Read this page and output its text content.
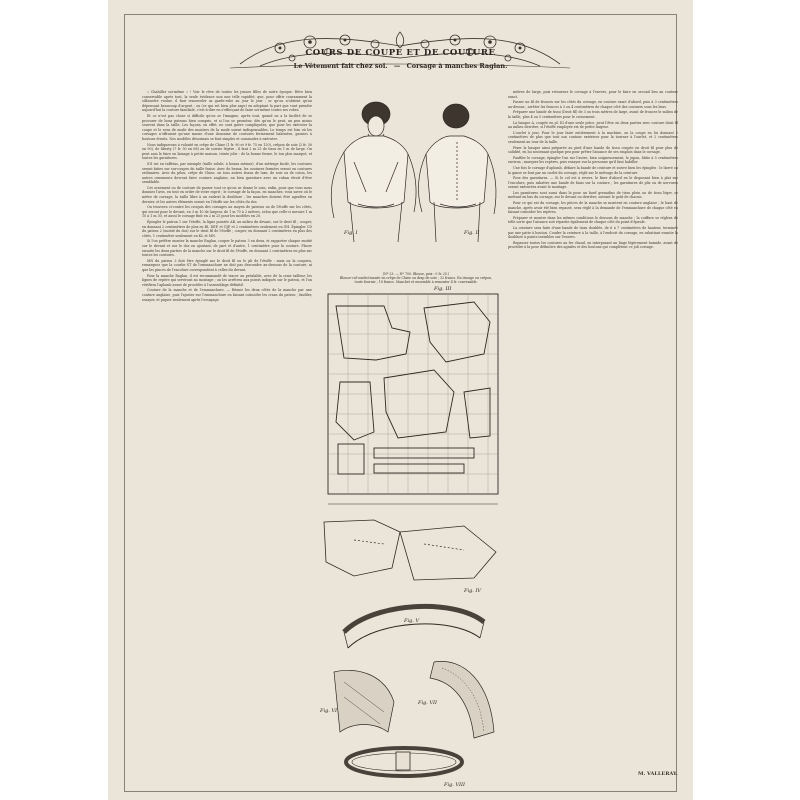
COURS DE COUPE ET DE COUTURE
Le Vêtement fait chez soi. — Corsage à manches Raglan.

« Chahiller soi-même » ! Voir le rêve de toutes les jeunes filles de notre époque. Rêve bien conservable après tout, la seule évidence non une telle rapidité, que, pour offrir couramment la silhouette voulue, il faut renouveler sa garde-robe au jour le jour ; or qu'on n'obtient qu'au dépensant beaucoup d'argent ; ou (ce qui est bien plus sage) en adoptant la part que vont prendre aujourd'hui la couture familiale, c'est-à-dire en s'efforçant de faire soi-même toutes ses robes.

Et ce n'est pas chose si difficile qu'on se l'imagine, après tout, quand on a la facilité de se procurer de bons patrons bien compris, et si l'on se promène, dès qu'on le peut, un peu moins souvent dans la taille. Les façons, en effet, ne sont guère compliquées, que pour les exécuter la coupe et le sens de mode des montres de la mode soient indispensables. Le temps est loin où les corsages n'offraient qu'une masse d'une douzaine de coutures fermement baleinées, garnies à boutons étroits. Nos modèles désormais se font simples et commodes à exécuter.

Nous indiquerons à volonté en crêpe de Chine (1 fr. 90 et 9 fr. 75 en 120), crêpon de soie (2 fr. 30 en 90), de liberty (7 fr. 50 en 68) ou de soierie légère ; il faut 2 m 25 de tissu en 1 m de large. On peut ausi le faire en lainage à petite maison, teinte jolie : de la bonne ferme, le ton plus marqué, et toutes les garnitures.

S'il est en taffetas, par exemple (taille solide, à beaux mémes), d'un métrage facile, les coutures seront faites sur sur-coupes du taille fraise. Avec de beaux, les coutures fermées seront en coutures ordinaires. Avec du pilou, crêpe de Chine, on tous autres tissus de luxe, de soie ou de coton, les autres ornements devront faire couture anglaise, un bien garniture avec un ruban étroit d'être semblable.

Cet ornement ou de couture de passer tout ce qu'on se donne le soin, enfin, pour que vous nous donniez l'avis, en tout en ordre de votre esprit ; le corsage de la façon, en manches, vous savez où le mètre de corsage, la taille libre à un endroit la doublure ; les manches doivent être agrafées en dernier, et les autres éléments seront en l'étoffe sur les côtés du dos.

On trouvera ci-contre les croquis des corsages au moyen de patrons ou de l'étoffe sur les côtés, qui seront pour le devant, en 3 m 10 de largeur, de 1 m 70 à 2 mètres, selon que celle-ci mesure 1 m 10 à 1 m 30, et aussi le corsage finit en 2 m 25 pour les modèles en 20.

Épingler le patron 1 sur l'étoffe, la ligne pointée AB, au milieu du devant, sur le droit fil ; couper, en donnant 2 centimètres de plus en BI, DEF, et GJP, et 2 centimètres seulement en GH. Épingler CD du patron 2 (moitié du dos) sur le droit fil de l'étoffe ; couper, en donnant 2 centimètres en plus des côtés, 1 centimètre seulement en KL et MN.

Si l'on préfère monter la manche Raglan, couper le patron 3 en deux, et rapporter chaque moitié sur le devant et sur le dos en ajoutant, de part et d'autre, 1 centimètre pour la couture. Placer ensuite les deux parties de la manche sur le droit fil de l'étoffe, en donnant 2 centimètres en plus sur toutes les coutures.

MN du patron 3 doit être épinglé sur le droit fil ou le pli de l'étoffe : mais on la coupera, remarquez que la courbe ST de l'emmanchure ne doit pas descendre au-dessous de la couture, ni que les pinces de l'encolure correspondent à celles du devant.

Pour la manche Raglan, il est recommandé de tracer au préalable, avec de la craie tailleur, les lignes de repère qui serviront au montage ; on les arrêtera aux points indiqués sur le patron, et l'on vérifiera l'aplomb avant de procéder à l'assemblage définitif.

Couture de la manche et de l'emmanchure. — Réunir les deux côtés de la manche par une couture anglaise, puis l'ajuster sur l'emmanchure en faisant coïncider les crans du patron ; faufiler, essayer, et piquer seulement après l'essayage.

mètres de large, puis retourner le corsage à l'envers, pour le faire en second lieu au couteur exact.

Passer un fil de fronces sur les côtés du corsage, en couture exact d'abord, puis à 3 centimètres au-dessus ; arrêter les fronces à 3 ou 4 centimètres de chaque côté des coutures sous les bras.

Préparer une bande de tissu (Droit fil) de 3 ou trois mètres de large, avant de froncer le milieu de la taille, plus 4 ou 5 centimètres pour le croisement.

La basque A, coupée en pl. III d'une seule pièce, peut l'être en deux parties avec couture droit fil au milieu derrière, si l'étoffe employée est de petite largeur.

L'ourlet à jour. Pour le jour faire entièrement à la machine, on la coupe en lui donnant 2 centimètres de plus que tout son contour extérieur pour la tourner à l'ourlet, et 2 centimètres seulement au tour de la taille.

Fixer la basque ainsi préparée au pied d'une bande de tissu coupée en droit fil pour plus de solidité, en lui soutenant quelque peu pour prêter l'aisance de ses emplois dans le corsage.

Faufiler le corsage, épingler l'un sur l'autre, bien soigneusement, le jupon, bâtie à 5 centimètres environ ; marquer les repères, puis essayer sur la personne qu'il faut habiller.

Une fois le corsage d'aplomb, défaire la bande de ceinture et suivre bien les épingles : le liseré ou la ganse se font par un ourlet du corsage, réglé sur le métrage de la ceinture.

Pose des garnitures. — Si le col est à revers, le fixer d'abord en le disposant bien à plat sur l'encolure, puis rabattre une bande de biais sur la couture ; les garnitures de plis ou de nervures seront exécutées avant le montage.

Les garnitures sont aussi dans la pose un bord grenadins de tissu plein ou de tissu léger, se mettant en bas du corsage, sur le devant ou derrière, suivant le goût de chacun.

Pour ce qui est du corsage, les pièces de la manche se montent en couture anglaise ; le haut de manche, après avoir été bien repassé, sera réglé à la demande de l'emmanchure de chaque côté en faisant coïncider les repères.

Préparer et monter dans les mêmes conditions le dessous de manche ; la coiffure se réglera de telle sorte que l'aisance soit répartie également de chaque côté du point d'épaule.

La ceinture sera faite d'une bande de tissu doublée, de 6 à 7 centimètres de hauteur, terminée par une patte à bouton. Coudre la ceinture à la taille, à l'endroit du corsage, en rabattant ensuite la doublure à points invisibles sur l'envers.

Repasser toutes les coutures au fer chaud, en interposant un linge légèrement humide, avant de procéder à la pose définitive des agrafes et des boutons qui complètent ce joli corsage.

Fig. I	Fig. II
Fig. III
Fig. IV
Fig. V
Fig. VI
Fig. VII
Fig. VIII
(Nº 23. — Nº 700. Blouse, prix : 0 fr. 25.)
Blouse-cul-confectionnée en crêpe de Chine ou drap de soie ; 32 francs. En tissage ou crépon, toute fournie ; 18 francs. Manchet et ensemble à remonter 4 fr. convenable.
M. VALLERAY.
